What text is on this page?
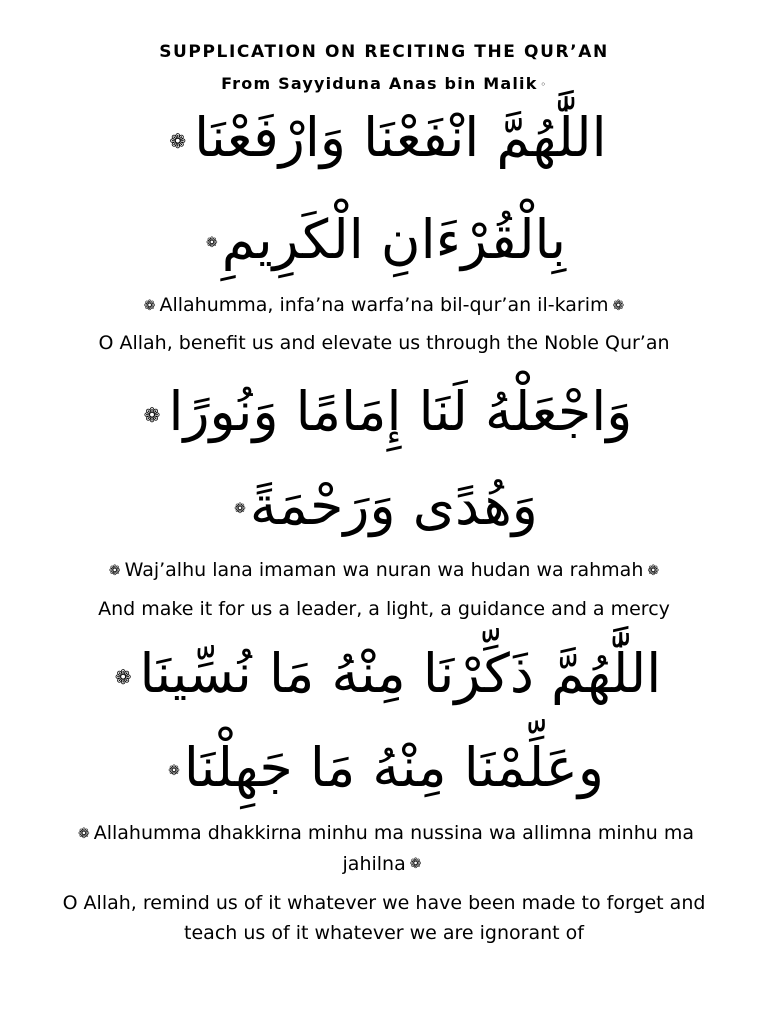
SUPPLICATION ON RECITING THE QUR’AN
From Sayyiduna Anas bin Malik ◦
اللَّٰهُمَّ انْفَعْنَا وَارْفَعْنَا❁
بِالْقُرْءَانِ الْكَرِيمِ❁
❁ Allahumma, infa’na warfa’na bil-qur’an il-karim ❁
O Allah, benefit us and elevate us through the Noble Qur’an
وَاجْعَلْهُ لَنَا إِمَامًا وَنُورًا❁
وَهُدًى وَرَحْمَةً❁
❁ Waj’alhu lana imaman wa nuran wa hudan wa rahmah ❁
And make it for us a leader, a light, a guidance and a mercy
اللَّٰهُمَّ ذَكِّرْنَا مِنْهُ مَا نُسِّينَا❁
وعَلِّمْنَا مِنْهُ مَا جَهِلْنَا❁
❁ Allahumma dhakkirna minhu ma nussina wa allimna minhu ma jahilna ❁
O Allah, remind us of it whatever we have been made to forget and teach us of it whatever we are ignorant of
